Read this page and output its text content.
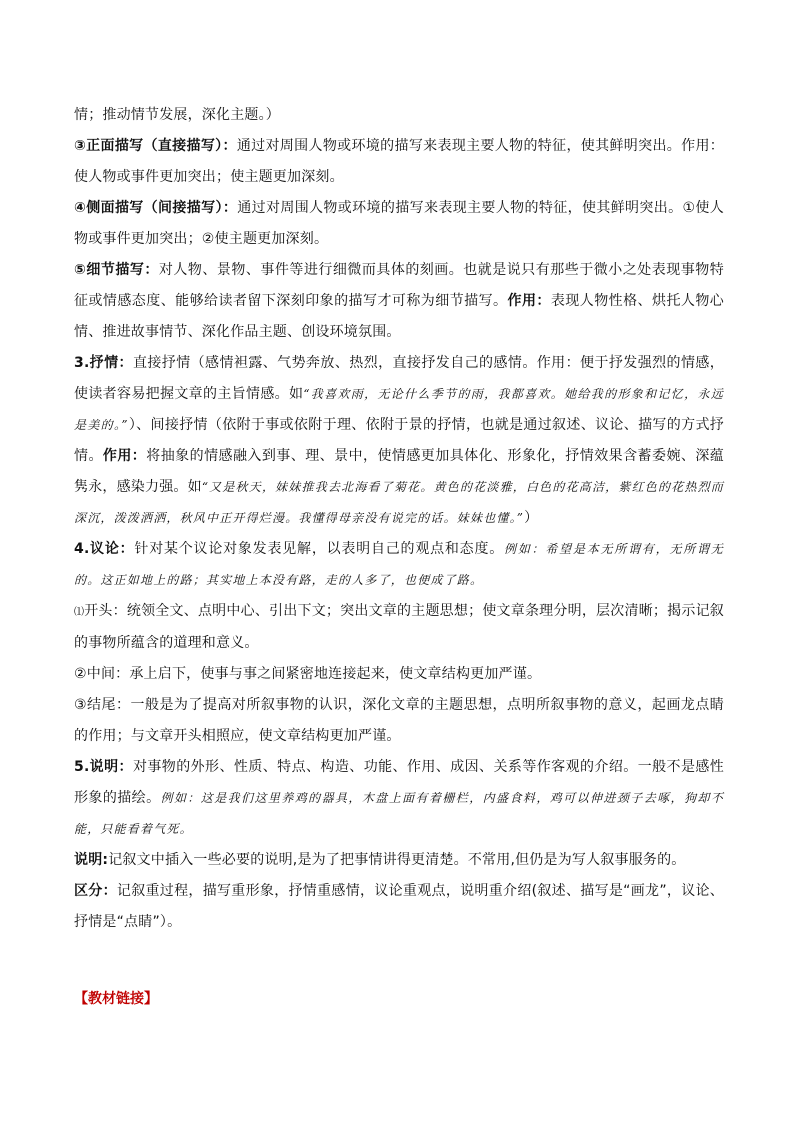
情；推动情节发展，深化主题。）

③正面描写（直接描写）：通过对周围人物或环境的描写来表现主要人物的特征，使其鲜明突出。作用：使人物或事件更加突出；使主题更加深刻。

④侧面描写（间接描写）：通过对周围人物或环境的描写来表现主要人物的特征，使其鲜明突出。①使人物或事件更加突出；②使主题更加深刻。

⑤细节描写：对人物、景物、事件等进行细微而具体的刻画。也就是说只有那些于微小之处表现事物特征或情感态度、能够给读者留下深刻印象的描写才可称为细节描写。作用：表现人物性格、烘托人物心情、推进故事情节、深化作品主题、创设环境氛围。

3.抒情：直接抒情（感情袒露、气势奔放、热烈，直接抒发自己的感情。作用：便于抒发强烈的情感，使读者容易把握文章的主旨情感。如“我喜欢雨，无论什么季节的雨，我都喜欢。她给我的形象和记忆，永远是美的。”）、间接抒情（依附于事或依附于理、依附于景的抒情，也就是通过叙述、议论、描写的方式抒情。作用：将抽象的情感融入到事、理、景中，使情感更加具体化、形象化，抒情效果含蓄委婉、深蕴隽永，感染力强。如“又是秋天，妹妹推我去北海看了菊花。黄色的花淡雅，白色的花高洁，紫红色的花热烈而深沉，泼泼洒洒，秋风中正开得烂漫。我懂得母亲没有说完的话。妹妹也懂。”）

4.议论：针对某个议论对象发表见解，以表明自己的观点和态度。例如：希望是本无所谓有，无所谓无的。这正如地上的路；其实地上本没有路，走的人多了，也便成了路。

⑴开头：统领全文、点明中心、引出下文；突出文章的主题思想；使文章条理分明，层次清晰；揭示记叙的事物所蕴含的道理和意义。

②中间：承上启下，使事与事之间紧密地连接起来，使文章结构更加严谨。

③结尾：一般是为了提高对所叙事物的认识，深化文章的主题思想，点明所叙事物的意义，起画龙点睛的作用；与文章开头相照应，使文章结构更加严谨。

5.说明：对事物的外形、性质、特点、构造、功能、作用、成因、关系等作客观的介绍。一般不是感性形象的描绘。例如：这是我们这里养鸡的器具，木盘上面有着栅栏，内盛食料，鸡可以伸进颈子去啄，狗却不能，只能看着气死。

说明:记叙文中插入一些必要的说明,是为了把事情讲得更清楚。不常用,但仍是为写人叙事服务的。

区分：记叙重过程，描写重形象，抒情重感情，议论重观点，说明重介绍(叙述、描写是“画龙”，议论、抒情是“点睛”）。

【教材链接】
